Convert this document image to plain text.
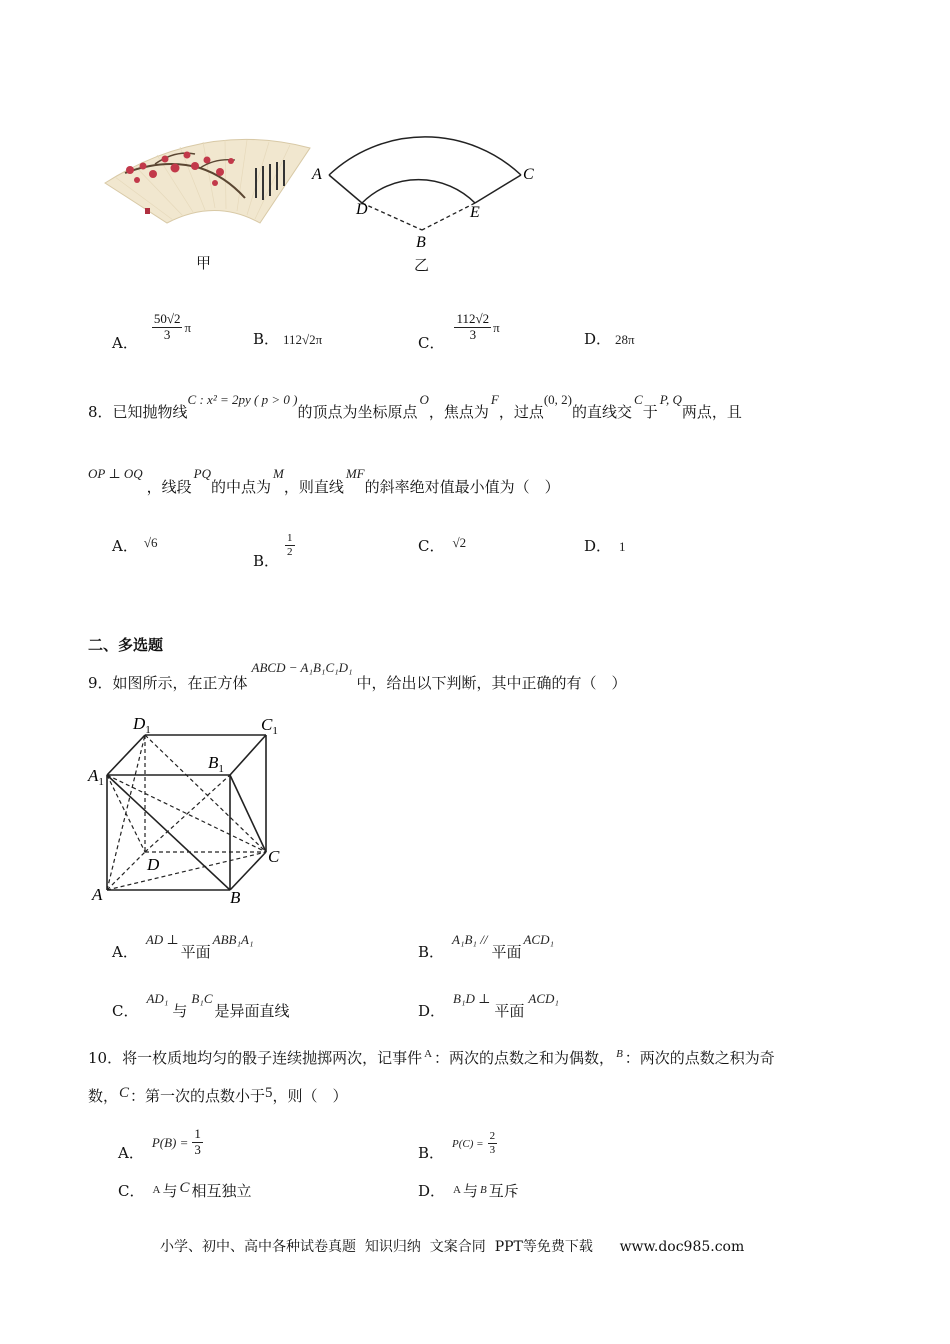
甲
A	C
D	E
B
乙
A．
$\frac{50√2}{3}$ π
B． 112√2π	C．
$\frac{112√2}{3}$ π
D． 28π
8．已知抛物线C : x² = 2py ( p > 0 )的顶点为坐标原点O，焦点为F，过点(0, 2)的直线交C于P, Q两点，且
OP ⊥ OQ，线段PQ的中点为M，则直线MF的斜率绝对值最小值为（　）
A． √6
B．
$\frac{1}{2}$	C． √2	D． 1
二、多选题
9．如图所示，在正方体ABCD − A₁B₁C₁D₁中，给出以下判断，其中正确的有（　）
$D_1$	$C_1$
$A_1$
$B_1$
D	C
A	B
A．AD ⊥平面ABB₁A₁
B．A₁B₁ //平面ACD₁
C．AD₁与B₁C是异面直线	D．B₁D ⊥平面ACD₁
10．将一枚质地均匀的骰子连续抛掷两次，记事件 $^A$ ：两次的点数之和为偶数， $^B$ ：两次的点数之积为奇
数，C：第一次的点数小于5，则（　）
A．
$P(B) = \frac{1}{3}$	B．
$P(C) = \frac{2}{3}$
C． $^A$ 与 C 相互独立	D． $^A$ 与 $^B$ 互斥
小学、初中、高中各种试卷真题  知识归纳  文案合同  PPT等免费下载      www.doc985.com
